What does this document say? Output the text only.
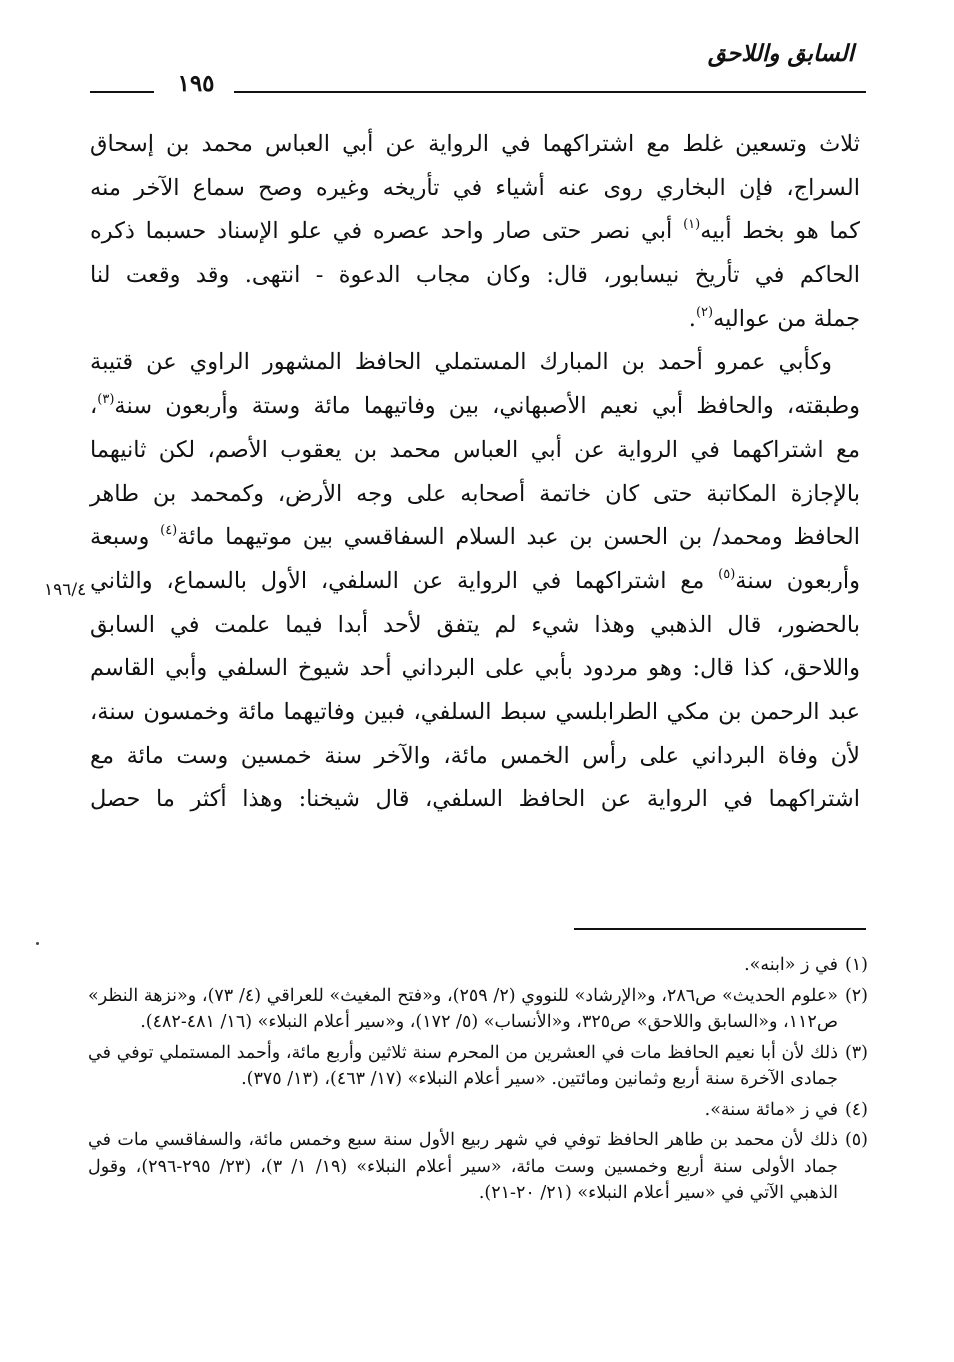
السابق واللاحق
١٩٥
ثلاث وتسعين غلط مع اشتراكهما في الرواية عن أبي العباس محمد بن إسحاق
السراج، فإن البخاري روى عنه أشياء في تأريخه وغيره وصح سماع الآخر منه
كما هو بخط أبيه$^{(١)}$ أبي نصر حتى صار واحد عصره في علو الإسناد حسبما ذكره
الحاكم في تأريخ نيسابور، قال: وكان مجاب الدعوة - انتهى. وقد وقعت لنا
جملة من عواليه$^{(٢)}$.
وكأبي عمرو أحمد بن المبارك المستملي الحافظ المشهور الراوي عن قتيبة
وطبقته، والحافظ أبي نعيم الأصبهاني، بين وفاتيهما مائة وستة وأربعون سنة$^{(٣)}$،
مع اشتراكهما في الرواية عن أبي العباس محمد بن يعقوب الأصم، لكن ثانيهما
بالإجازة المكاتبة حتى كان خاتمة أصحابه على وجه الأرض، وكمحمد بن طاهر
الحافظ ومحمد/ بن الحسن بن عبد السلام السفاقسي بين موتيهما مائة$^{(٤)}$ وسبعة
وأربعون سنة$^{(٥)}$ مع اشتراكهما في الرواية عن السلفي، الأول بالسماع، والثاني
بالحضور، قال الذهبي وهذا شيء لم يتفق لأحد أبدا فيما علمت في السابق
واللاحق، كذا قال: وهو مردود بأبي على البرداني أحد شيوخ السلفي وأبي القاسم
عبد الرحمن بن مكي الطرابلسي سبط السلفي، فبين وفاتيهما مائة وخمسون سنة،
لأن وفاة البرداني على رأس الخمس مائة، والآخر سنة خمسين وست مائة مع
اشتراكهما في الرواية عن الحافظ السلفي، قال شيخنا: وهذا أكثر ما حصل
١٩٦/٤
(١)
في ز «ابنه».
(٢)
«علوم الحديث» ص٢٨٦، و«الإرشاد» للنووي (٢/ ٢٥٩)، و«فتح المغيث» للعراقي (٤/ ٧٣)، و«نزهة النظر» ص١١٢، و«السابق واللاحق» ص٣٢٥، و«الأنساب» (٥/ ١٧٢)، و«سير أعلام النبلاء» (١٦/ ٤٨١-٤٨٢).
(٣)
ذلك لأن أبا نعيم الحافظ مات في العشرين من المحرم سنة ثلاثين وأربع مائة، وأحمد المستملي توفي في جمادى الآخرة سنة أربع وثمانين ومائتين. «سير أعلام النبلاء» (١٧/ ٤٦٣)، (١٣/ ٣٧٥).
(٤)
في ز «مائة سنة».
(٥)
ذلك لأن محمد بن طاهر الحافظ توفي في شهر ربيع الأول سنة سبع وخمس مائة، والسفاقسي مات في جماد الأولى سنة أربع وخمسين وست مائة، «سير أعلام النبلاء» (١٩/ ١/ ٣)، (٢٣/ ٢٩٥-٢٩٦)، وقول الذهبي الآتي في «سير أعلام النبلاء» (٢١/ ٢٠-٢١).
